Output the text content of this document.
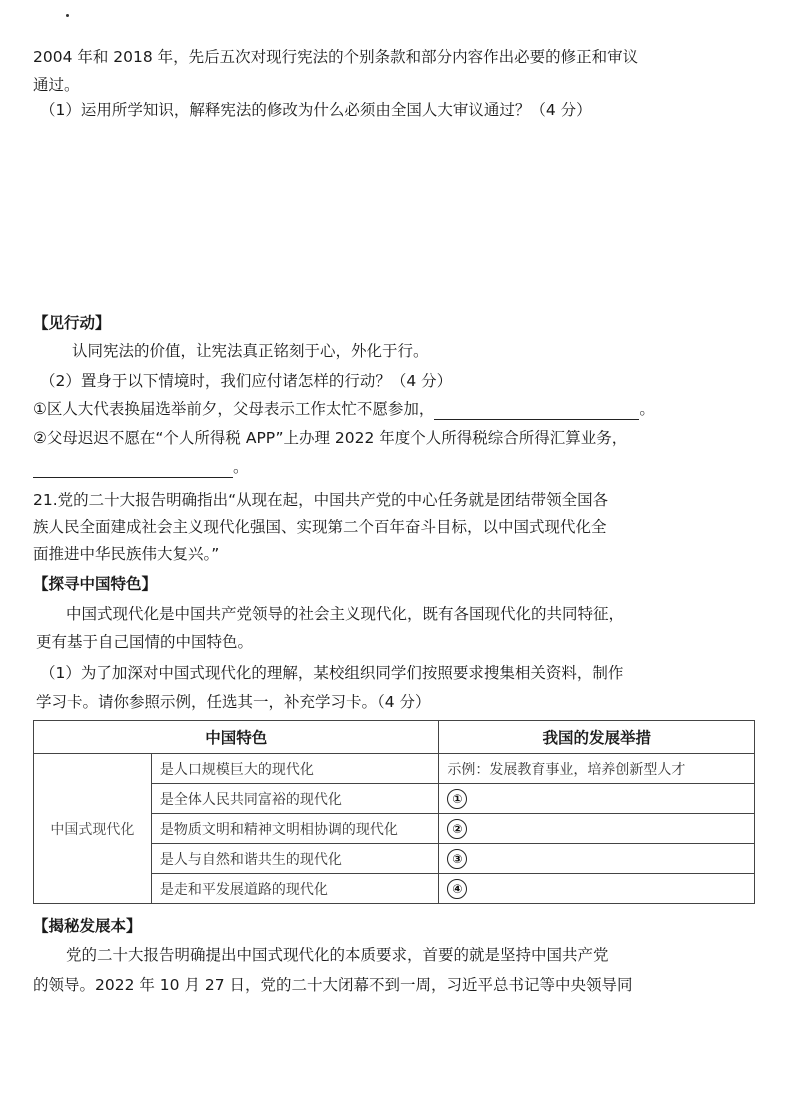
2004 年和 2018 年，先后五次对现行宪法的个别条款和部分内容作出必要的修正和审议
通过。
（1）运用所学知识，解释宪法的修改为什么必须由全国人大审议通过？（4 分）
【见行动】
认同宪法的价值，让宪法真正铭刻于心，外化于行。
（2）置身于以下情境时，我们应付诸怎样的行动？（4 分）
①区人大代表换届选举前夕，父母表示工作太忙不愿参加，	。
②父母迟迟不愿在“个人所得税 APP”上办理 2022 年度个人所得税综合所得汇算业务，
。
21.党的二十大报告明确指出“从现在起，中国共产党的中心任务就是团结带领全国各
族人民全面建成社会主义现代化强国、实现第二个百年奋斗目标，以中国式现代化全
面推进中华民族伟大复兴。”
【探寻中国特色】
中国式现代化是中国共产党领导的社会主义现代化，既有各国现代化的共同特征，
更有基于自己国情的中国特色。
（1）为了加深对中国式现代化的理解，某校组织同学们按照要求搜集相关资料，制作
学习卡。请你参照示例，任选其一，补充学习卡。（4 分）
中国特色		我国的发展举措
中国式现代化	是人口规模巨大的现代化	示例：发展教育事业，培养创新型人才
	是全体人民共同富裕的现代化	①
	是物质文明和精神文明相协调的现代化	②
	是人与自然和谐共生的现代化	③
	是走和平发展道路的现代化	④
【揭秘发展本】
党的二十大报告明确提出中国式现代化的本质要求，首要的就是坚持中国共产党
的领导。2022 年 10 月 27 日，党的二十大闭幕不到一周，习近平总书记等中央领导同
